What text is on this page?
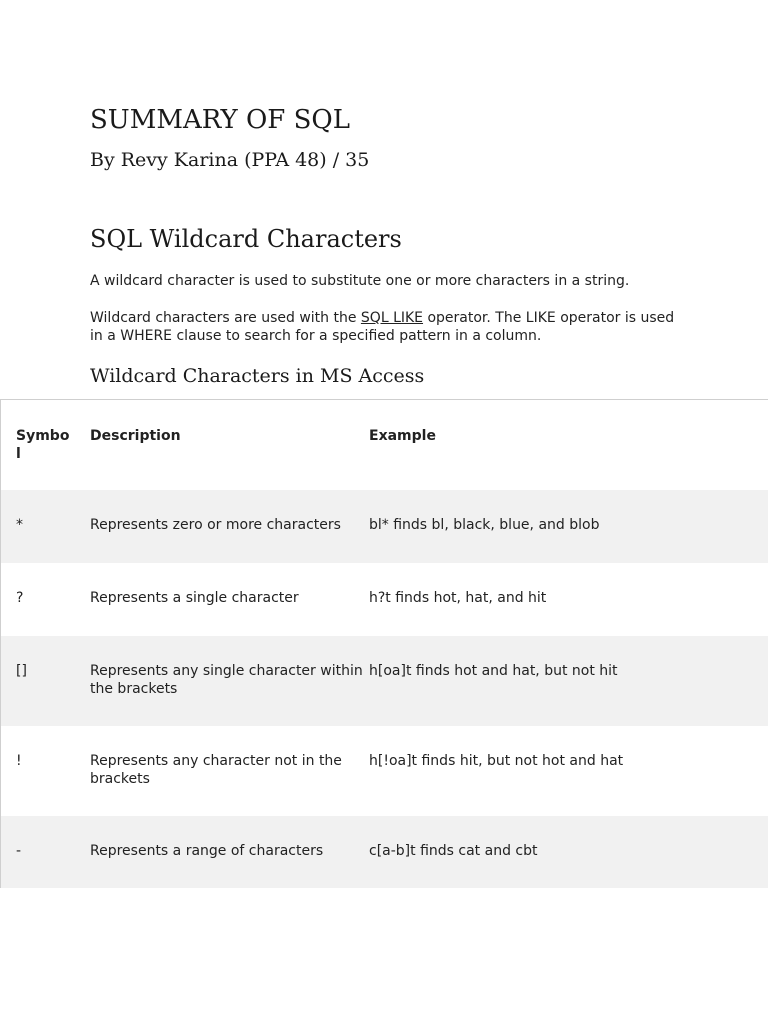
SUMMARY OF SQL
By Revy Karina (PPA 48) / 35
SQL Wildcard Characters

A wildcard character is used to substitute one or more characters in a string.

Wildcard characters are used with the SQL LIKE operator. The LIKE operator is used in a WHERE clause to search for a specified pattern in a column.

Wildcard Characters in MS Access
Symbol	Description	Example
*	Represents zero or more characters	bl* finds bl, black, blue, and blob
?	Represents a single character	h?t finds hot, hat, and hit
[]	Represents any single character within the brackets	h[oa]t finds hot and hat, but not hit
!	Represents any character not in the brackets	h[!oa]t finds hit, but not hot and hat
-	Represents a range of characters	c[a-b]t finds cat and cbt
